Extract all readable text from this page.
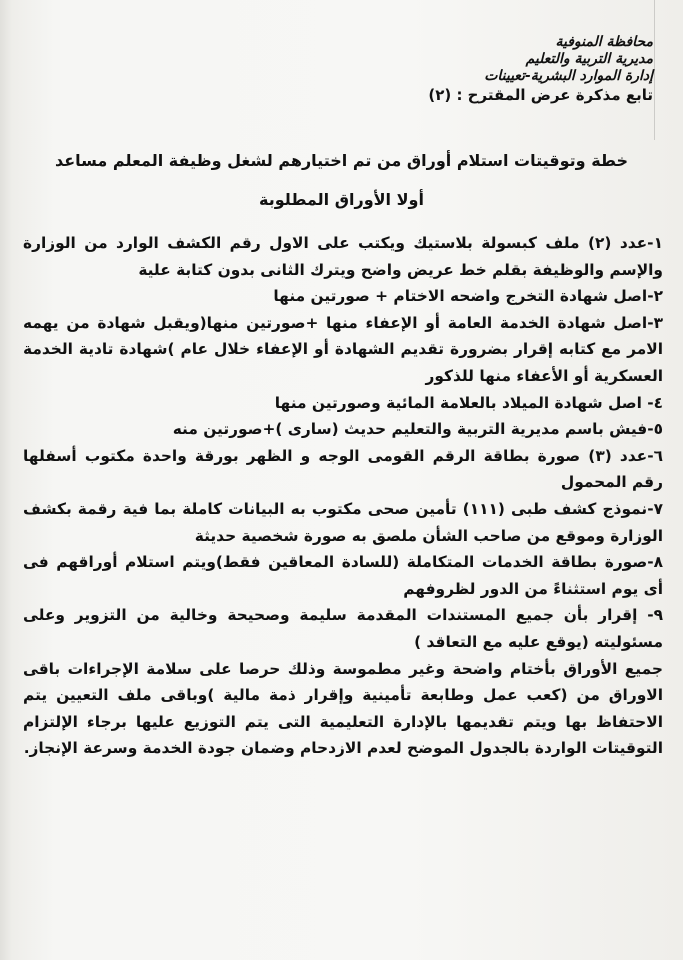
محافظة المنوفية
مديرية التربية والتعليم
إدارة الموارد البشرية-تعيينات
تابع مذكرة عرض المقترح : (٢)
خطة وتوقيتات استلام أوراق من تم اختيارهم لشغل وظيفة المعلم مساعد
أولا الأوراق المطلوبة

١-عدد (٢) ملف كبسولة بلاستيك ويكتب على الاول رقم الكشف الوارد من الوزارة والإسم والوظيفة بقلم خط عريض واضح ويترك الثانى بدون كتابة علية

٢-اصل شهادة التخرج واضحه الاختام + صورتين منها

٣-اصل شهادة الخدمة العامة أو الإعفاء منها +صورتين منها(ويقبل شهادة من يهمه الامر مع كتابه إقرار بضرورة تقديم الشهادة أو الإعفاء خلال عام )شهادة تادية الخدمة العسكرية أو الأعفاء منها للذكور

٤- اصل شهادة الميلاد بالعلامة المائية وصورتين منها

٥-فيش باسم مديرية التربية والتعليم حديث (سارى )+صورتين منه

٦-عدد (٣) صورة بطاقة الرقم القومى الوجه و الظهر بورقة واحدة مكتوب أسفلها رقم المحمول

٧-نموذج كشف طبى (١١١) تأمين صحى مكتوب به البيانات كاملة بما فية رقمة بكشف الوزارة وموقع من صاحب الشأن ملصق به صورة شخصية حديثة

٨-صورة بطاقة الخدمات المتكاملة (للسادة المعاقين فقط)ويتم استلام أوراقهم فى أى يوم استثناءً من الدور لظروفهم

٩- إقرار بأن جميع المستندات المقدمة سليمة وصحيحة وخالية من التزوير وعلى مسئوليته (يوقع عليه مع التعاقد )

جميع الأوراق بأختام واضحة وغير مطموسة وذلك حرصا على سلامة الإجراءات باقى الاوراق من (كعب عمل وطابعة تأمينية وإقرار ذمة مالية )وباقى ملف التعيين يتم الاحتفاظ بها ويتم تقديمها بالإدارة التعليمية التى يتم التوزيع عليها برجاء الإلتزام التوقيتات الواردة بالجدول الموضح لعدم الازدحام وضمان جودة الخدمة وسرعة الإنجاز.
